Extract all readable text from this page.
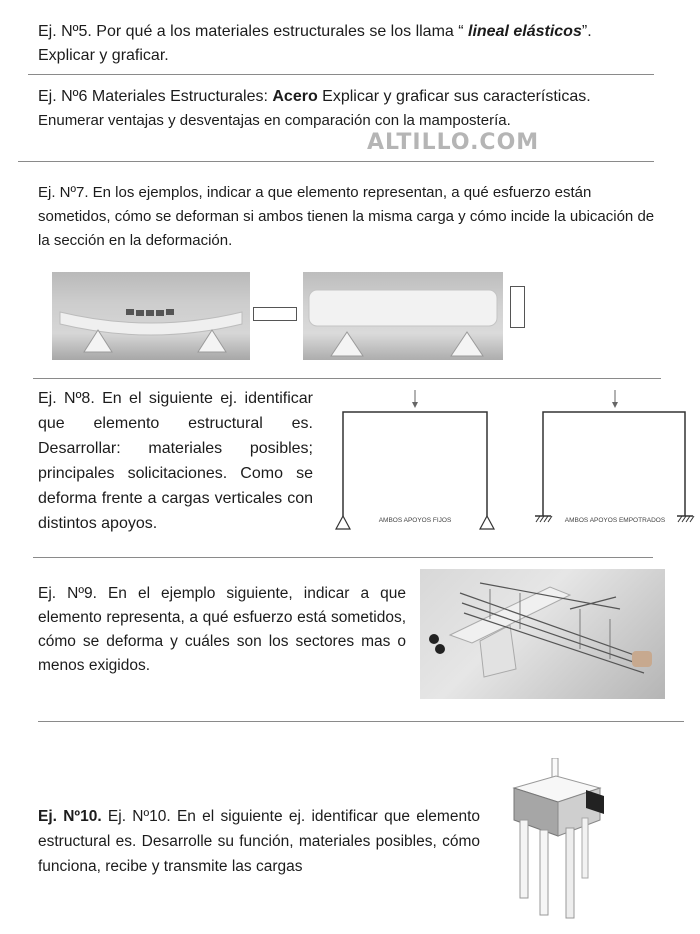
Ej. Nº5. Por qué a los materiales estructurales se los llama “ lineal elásticos”.
Explicar y graficar.
Ej. Nº6 Materiales Estructurales: Acero Explicar y graficar sus características.
Enumerar ventajas y desventajas en comparación con la mampostería.
ALTILLO.COM
Ej. Nº7. En los ejemplos, indicar a que elemento representan, a qué esfuerzo están sometidos, cómo se deforman si ambos tienen la misma carga y cómo incide la ubicación de la sección en la deformación.
Ej. Nº8. En el siguiente ej. identificar que elemento estructural es. Desarrollar: materiales posibles; principales solicitaciones. Como se deforma frente a cargas verticales con distintos apoyos.	AMBOS APOYOS FIJOS	AMBOS APOYOS EMPOTRADOS
Ej. Nº9. En el ejemplo siguiente, indicar a que elemento representa, a qué esfuerzo está sometidos, cómo se deforma y cuáles son los sectores mas o menos exigidos.
Ej. Nº10. Ej. Nº10. En el siguiente ej. identificar que elemento estructural es. Desarrolle su función, materiales posibles, cómo funciona, recibe y transmite las cargas
